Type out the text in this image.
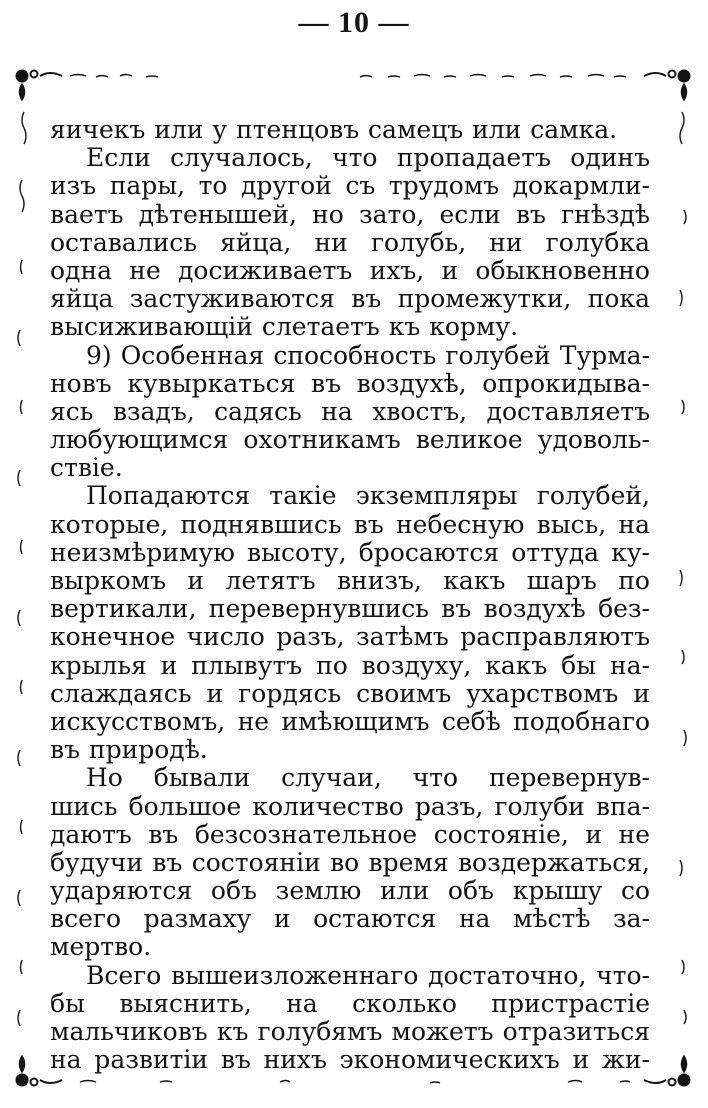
— 10 —
яичекъ или у птенцовъ самецъ или самка.
Если случалось, что пропадаетъ одинъ
изъ пары, то другой съ трудомъ докармли-
ваетъ дѣтенышей, но зато, если въ гнѣздѣ
оставались яйца, ни голубь, ни голубка
одна не досиживаетъ ихъ, и обыкновенно
яйца застуживаются въ промежутки, пока
высиживающій слетаетъ къ корму.
9) Особенная способность голубей Турма-
новъ кувыркаться въ воздухѣ, опрокидыва-
ясь взадъ, садясь на хвостъ, доставляетъ
любующимся охотникамъ великое удоволь-
ствіе.
Попадаются такіе экземпляры голубей,
которые, поднявшись въ небесную высь, на
неизмѣримую высоту, бросаются оттуда ку-
выркомъ и летятъ внизъ, какъ шаръ по
вертикали, перевернувшись въ воздухѣ без-
конечное число разъ, затѣмъ расправляютъ
крылья и плывутъ по воздуху, какъ бы на-
слаждаясь и гордясь своимъ ухарствомъ и
искусствомъ, не имѣющимъ себѣ подобнаго
въ природѣ.
Но бывали случаи, что перевернув-
шись большое количество разъ, голуби впа-
даютъ въ безсознательное состояніе, и не
будучи въ состояніи во время воздержаться,
ударяются объ землю или объ крышу со
всего размаху и остаются на мѣстѣ за-
мертво.
Всего вышеизложеннаго достаточно, что-
бы выяснить, на сколько пристрастіе
мальчиковъ къ голубямъ можетъ отразиться
на развитіи въ нихъ экономическихъ и жи-
